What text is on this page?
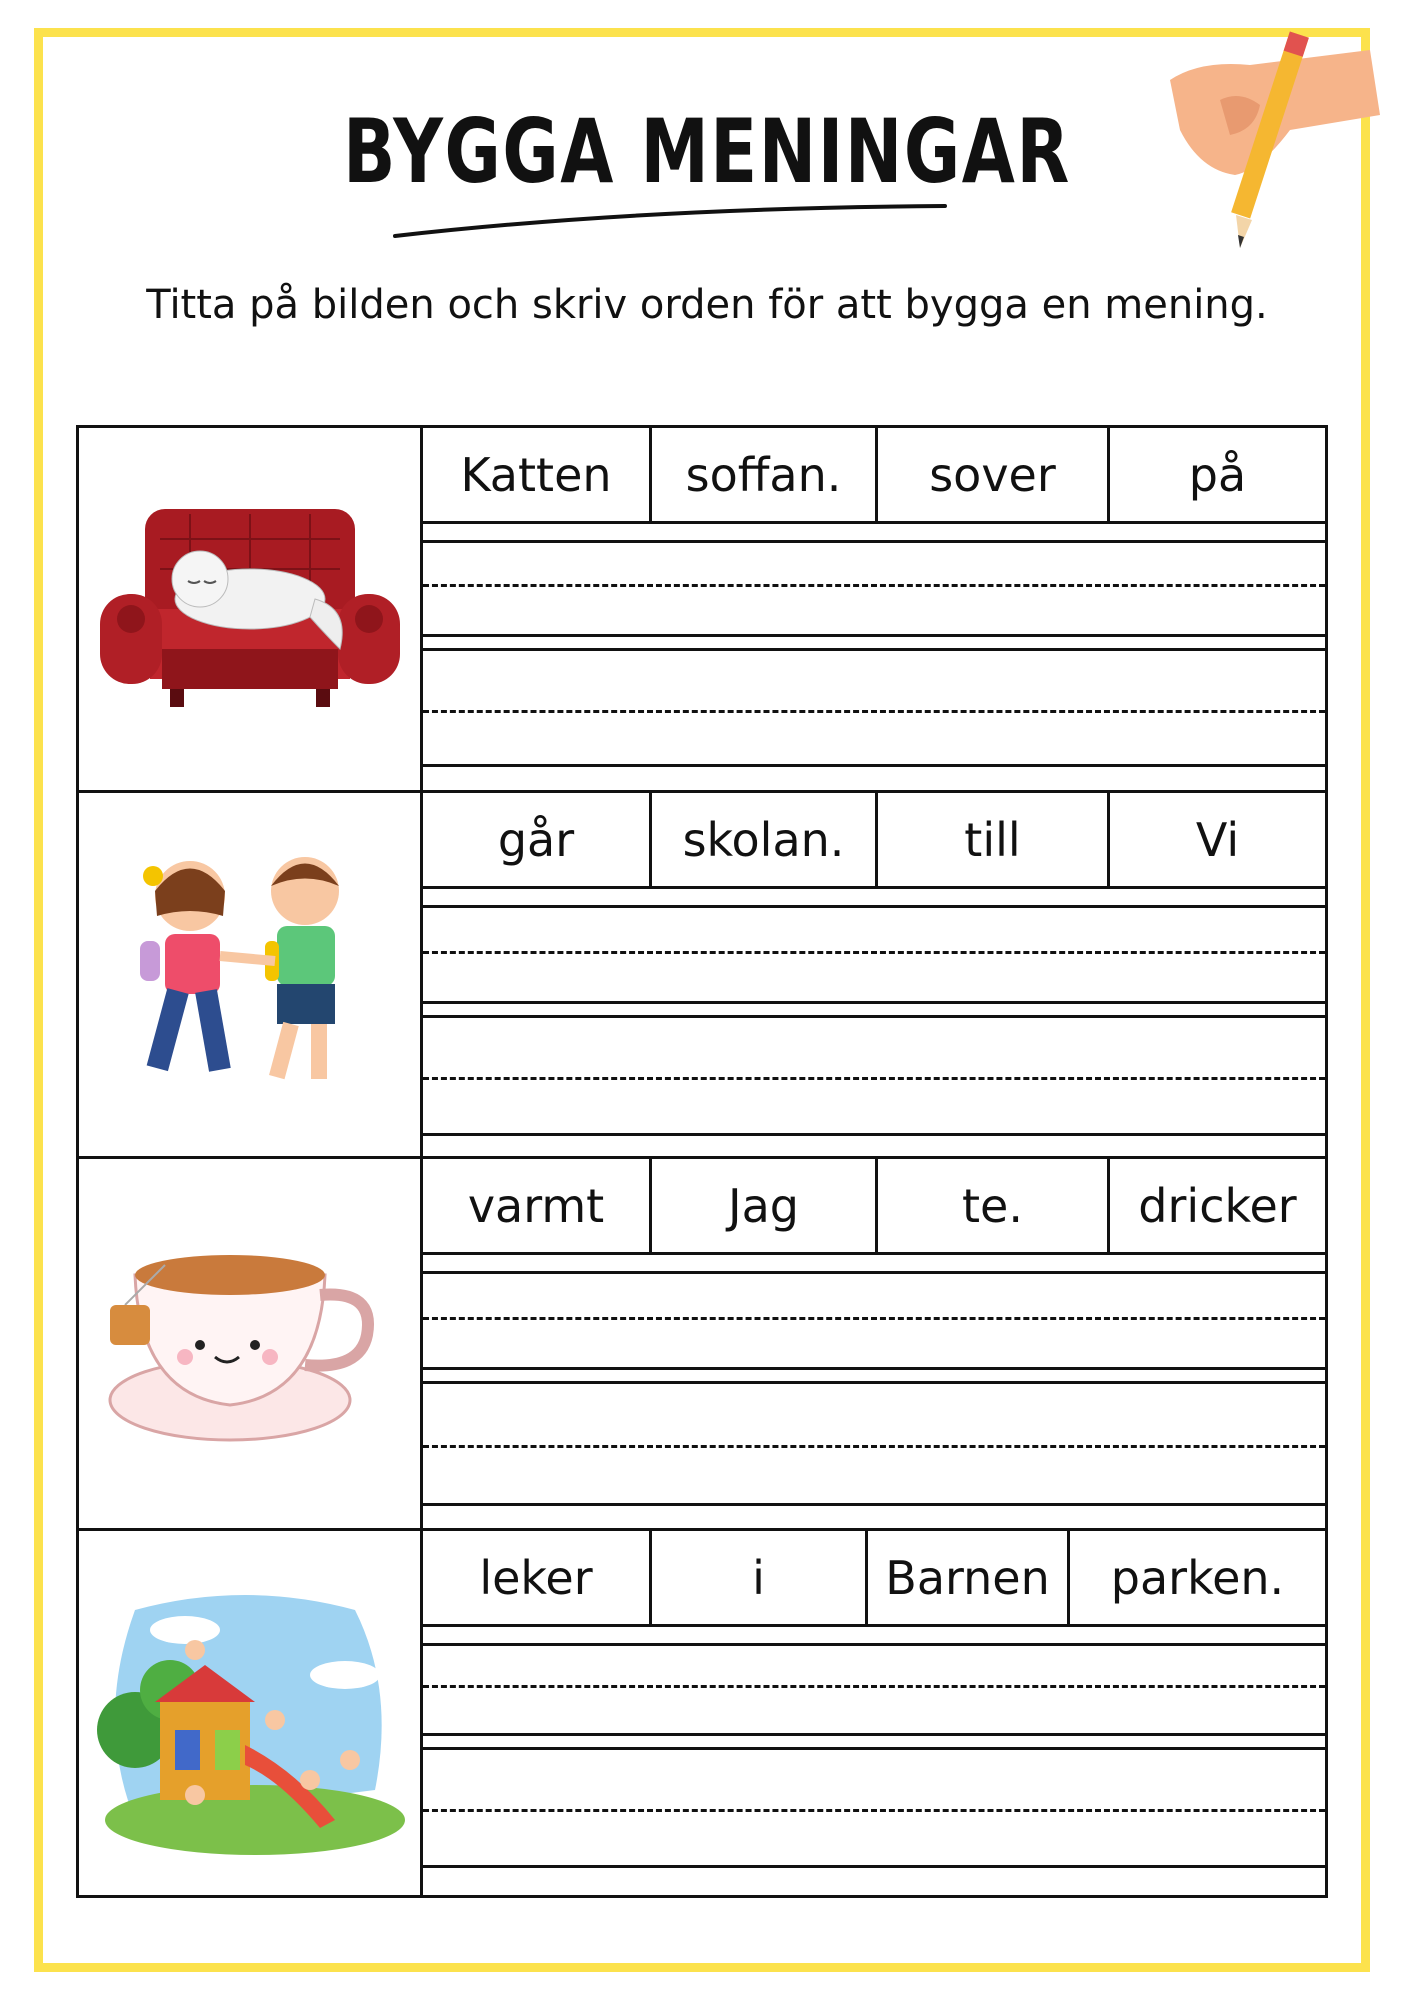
BYGGA MENINGAR
Titta på bilden och skriv orden för att bygga en mening.
Katten	soffan.	sover	på
går	skolan.	till	Vi
varmt	Jag	te.	dricker
leker	i	Barnen	parken.
